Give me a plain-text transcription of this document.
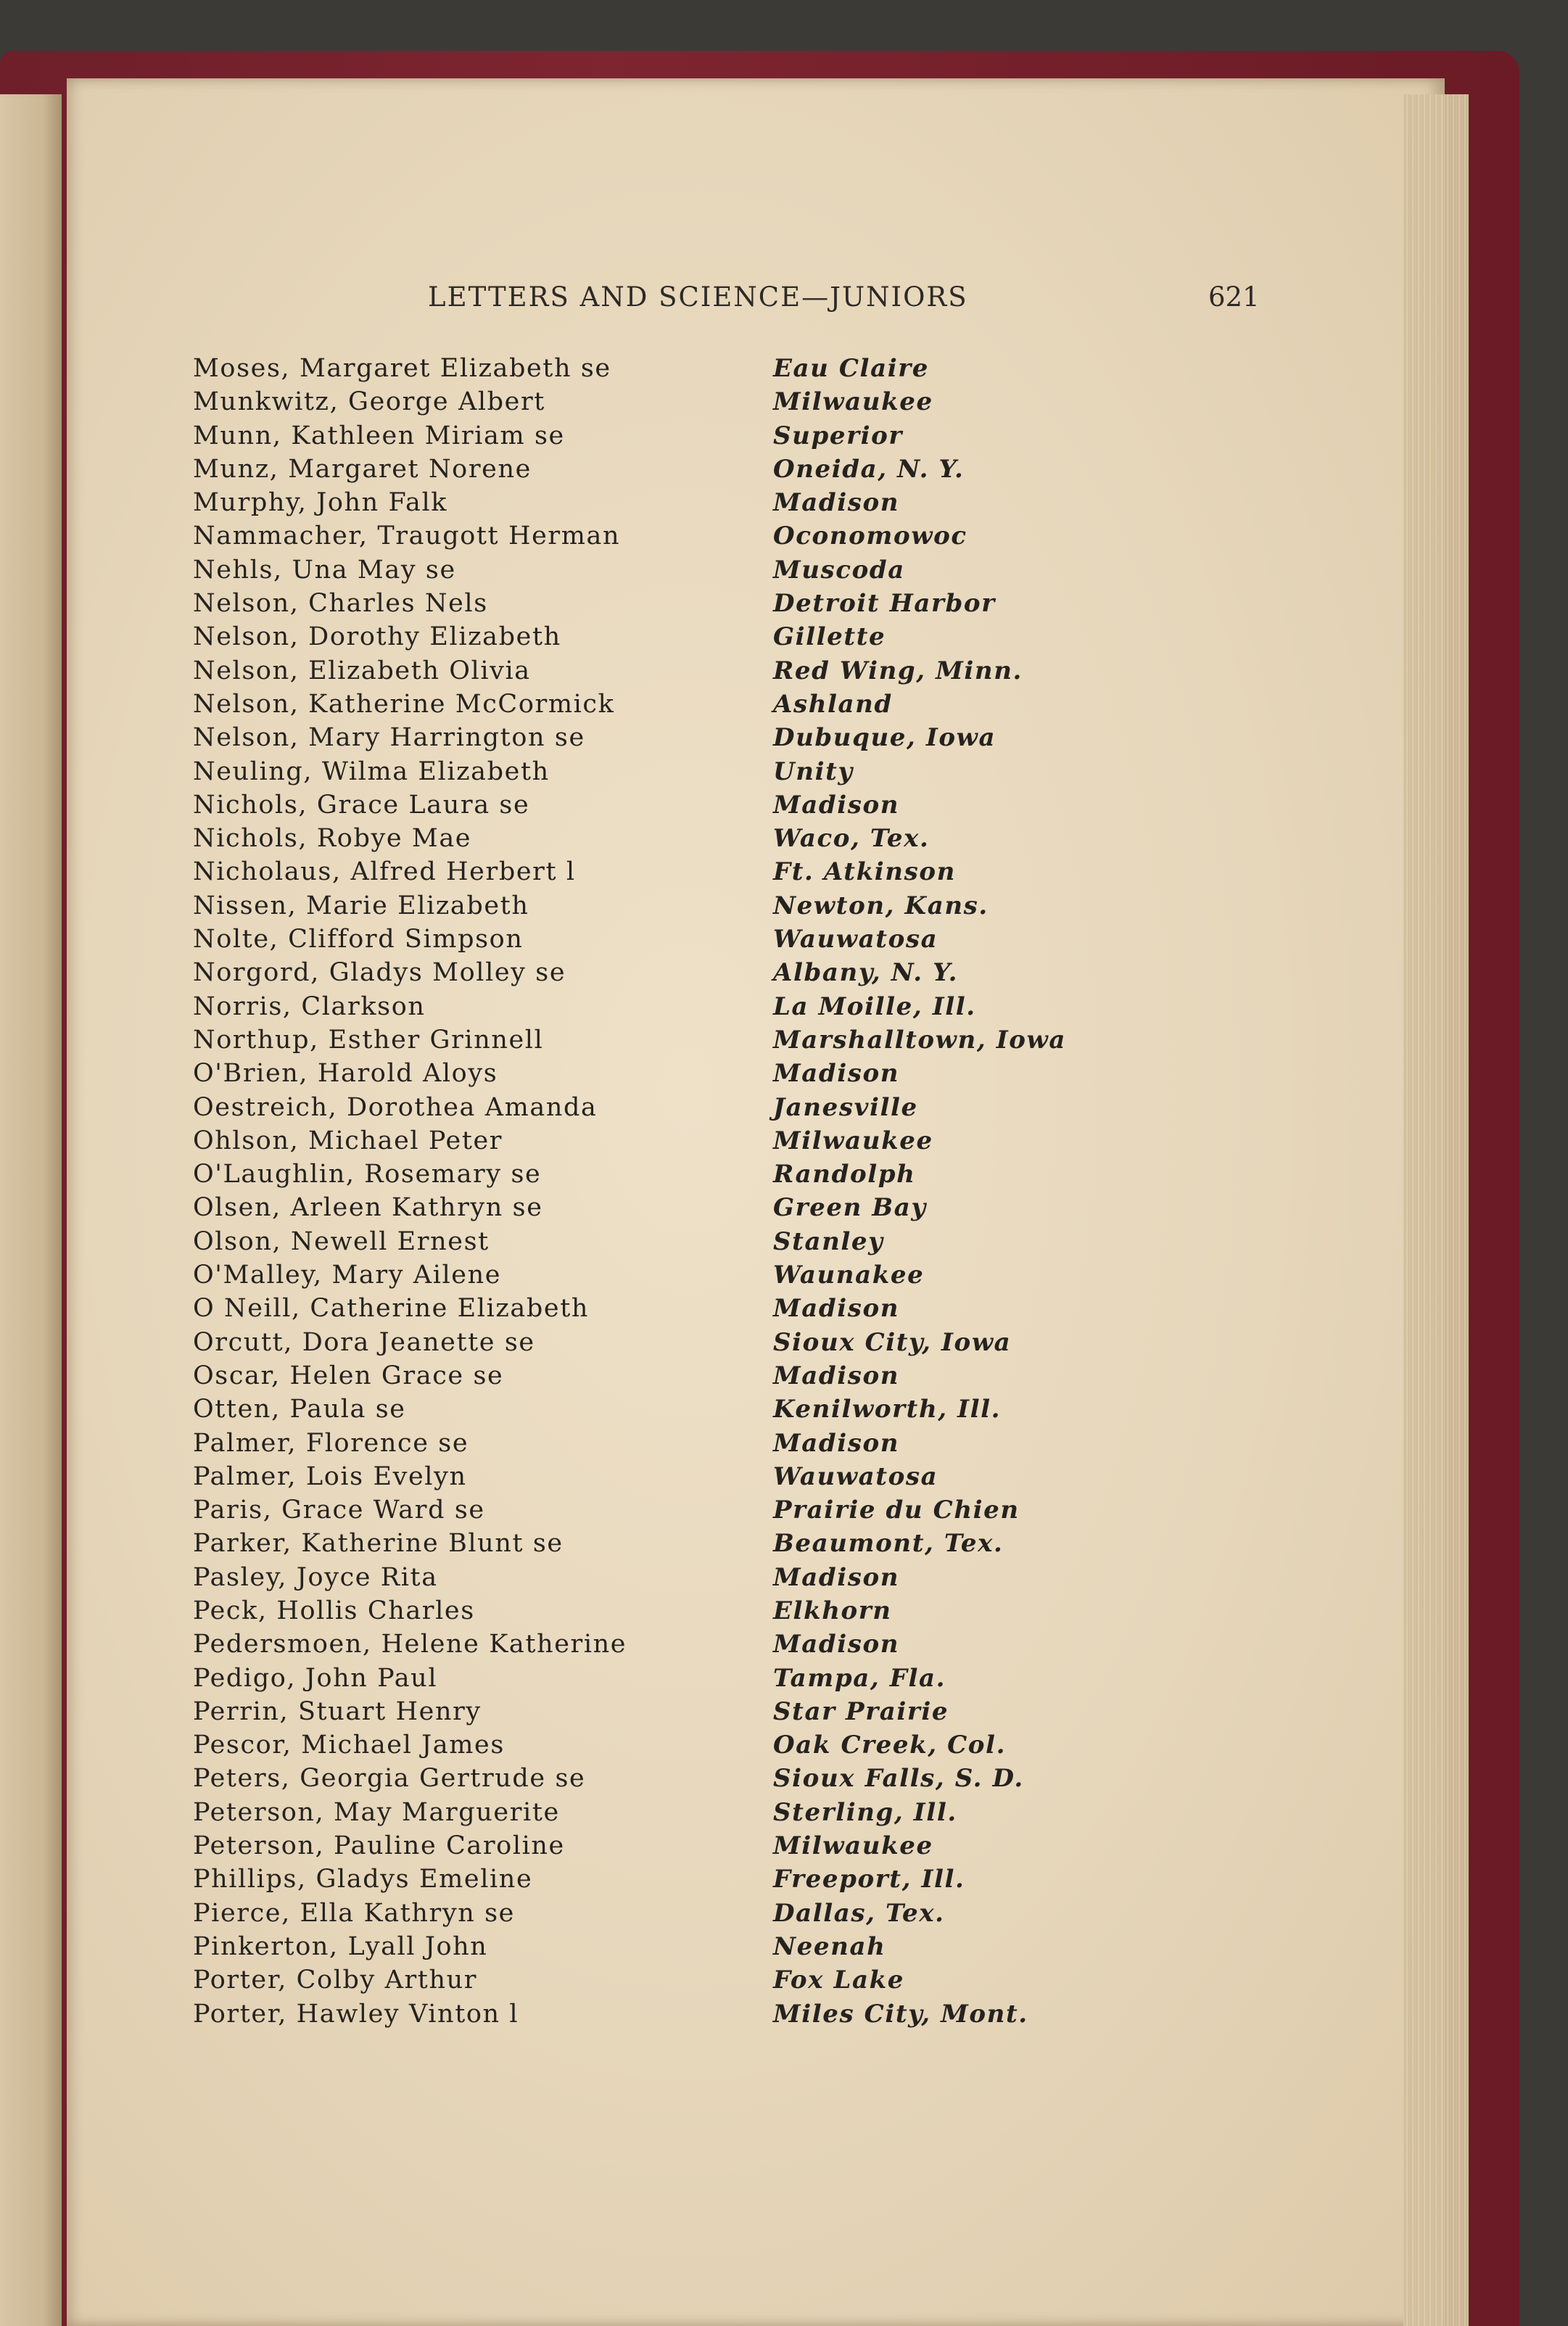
LETTERS AND SCIENCE—JUNIORS	621
Moses, Margaret Elizabeth se	Eau Claire
Munkwitz, George Albert	Milwaukee
Munn, Kathleen Miriam se	Superior
Munz, Margaret Norene	Oneida, N. Y.
Murphy, John Falk	Madison
Nammacher, Traugott Herman	Oconomowoc
Nehls, Una May se	Muscoda
Nelson, Charles Nels	Detroit Harbor
Nelson, Dorothy Elizabeth	Gillette
Nelson, Elizabeth Olivia	Red Wing, Minn.
Nelson, Katherine McCormick	Ashland
Nelson, Mary Harrington se	Dubuque, Iowa
Neuling, Wilma Elizabeth	Unity
Nichols, Grace Laura se	Madison
Nichols, Robye Mae	Waco, Tex.
Nicholaus, Alfred Herbert l	Ft. Atkinson
Nissen, Marie Elizabeth	Newton, Kans.
Nolte, Clifford Simpson	Wauwatosa
Norgord, Gladys Molley se	Albany, N. Y.
Norris, Clarkson	La Moille, Ill.
Northup, Esther Grinnell	Marshalltown, Iowa
O'Brien, Harold Aloys	Madison
Oestreich, Dorothea Amanda	Janesville
Ohlson, Michael Peter	Milwaukee
O'Laughlin, Rosemary se	Randolph
Olsen, Arleen Kathryn se	Green Bay
Olson, Newell Ernest	Stanley
O'Malley, Mary Ailene	Waunakee
O Neill, Catherine Elizabeth	Madison
Orcutt, Dora Jeanette se	Sioux City, Iowa
Oscar, Helen Grace se	Madison
Otten, Paula se	Kenilworth, Ill.
Palmer, Florence se	Madison
Palmer, Lois Evelyn	Wauwatosa
Paris, Grace Ward se	Prairie du Chien
Parker, Katherine Blunt se	Beaumont, Tex.
Pasley, Joyce Rita	Madison
Peck, Hollis Charles	Elkhorn
Pedersmoen, Helene Katherine	Madison
Pedigo, John Paul	Tampa, Fla.
Perrin, Stuart Henry	Star Prairie
Pescor, Michael James	Oak Creek, Col.
Peters, Georgia Gertrude se	Sioux Falls, S. D.
Peterson, May Marguerite	Sterling, Ill.
Peterson, Pauline Caroline	Milwaukee
Phillips, Gladys Emeline	Freeport, Ill.
Pierce, Ella Kathryn se	Dallas, Tex.
Pinkerton, Lyall John	Neenah
Porter, Colby Arthur	Fox Lake
Porter, Hawley Vinton l	Miles City, Mont.
